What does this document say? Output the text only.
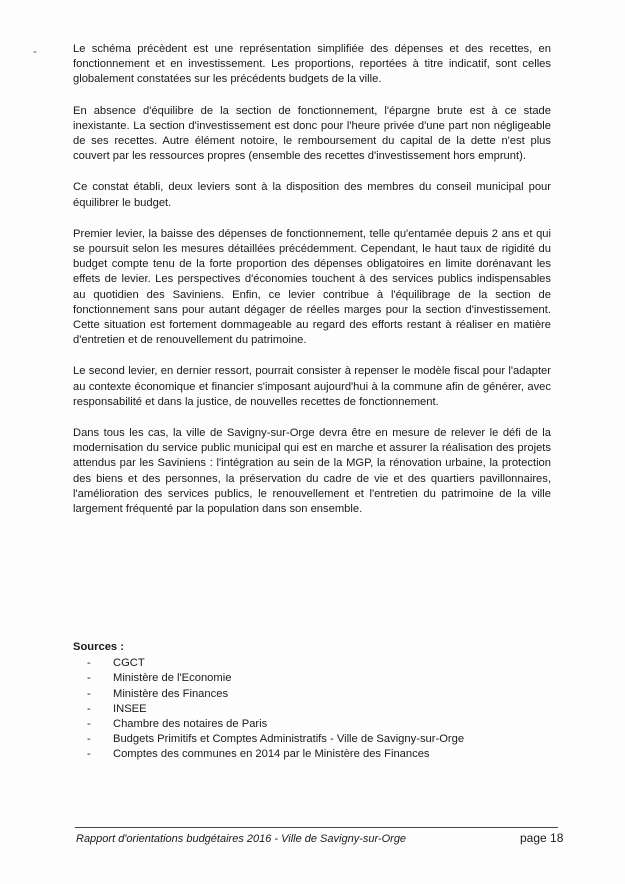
-	Le schéma précèdent est une représentation simplifiée des dépenses et des recettes, en fonctionnement et en investissement. Les proportions, reportées à titre indicatif, sont celles globalement constatées sur les précédents budgets de la ville.

En absence d'équilibre de la section de fonctionnement, l'épargne brute est à ce stade inexistante. La section d'investissement est donc pour l'heure privée d'une part non négligeable de ses recettes. Autre élément notoire, le remboursement du capital de la dette n'est plus couvert par les ressources propres (ensemble des recettes d'investissement hors emprunt).

Ce constat établi, deux leviers sont à la disposition des membres du conseil municipal pour équilibrer le budget.

Premier levier, la baisse des dépenses de fonctionnement, telle qu'entamée depuis 2 ans et qui se poursuit selon les mesures détaillées précédemment. Cependant, le haut taux de rigidité du budget compte tenu de la forte proportion des dépenses obligatoires en limite dorénavant les effets de levier. Les perspectives d'économies touchent à des services publics indispensables au quotidien des Saviniens. Enfin, ce levier contribue à l'équilibrage de la section de fonctionnement sans pour autant dégager de réelles marges pour la section d'investissement. Cette situation est fortement dommageable au regard des efforts restant à réaliser en matière d'entretien et de renouvellement du patrimoine.

Le second levier, en dernier ressort, pourrait consister à repenser le modèle fiscal pour l'adapter au contexte économique et financier s'imposant aujourd'hui à la commune afin de générer, avec responsabilité et dans la justice, de nouvelles recettes de fonctionnement.

Dans tous les cas, la ville de Savigny-sur-Orge devra être en mesure de relever le défi de la modernisation du service public municipal qui est en marche et assurer la réalisation des projets attendus par les Saviniens : l'intégration au sein de la MGP, la rénovation urbaine, la protection des biens et des personnes, la préservation du cadre de vie et des quartiers pavillonnaires, l'amélioration des services publics, le renouvellement et l'entretien du patrimoine de la ville largement fréquenté par la population dans son ensemble.

Sources :
- CGCT
- Ministère de l'Economie
- Ministère des Finances
- INSEE
- Chambre des notaires de Paris
- Budgets Primitifs et Comptes Administratifs - Ville de Savigny-sur-Orge
- Comptes des communes en 2014 par le Ministère des Finances
Rapport d'orientations budgétaires 2016 - Ville de Savigny-sur-Orge	page 18
